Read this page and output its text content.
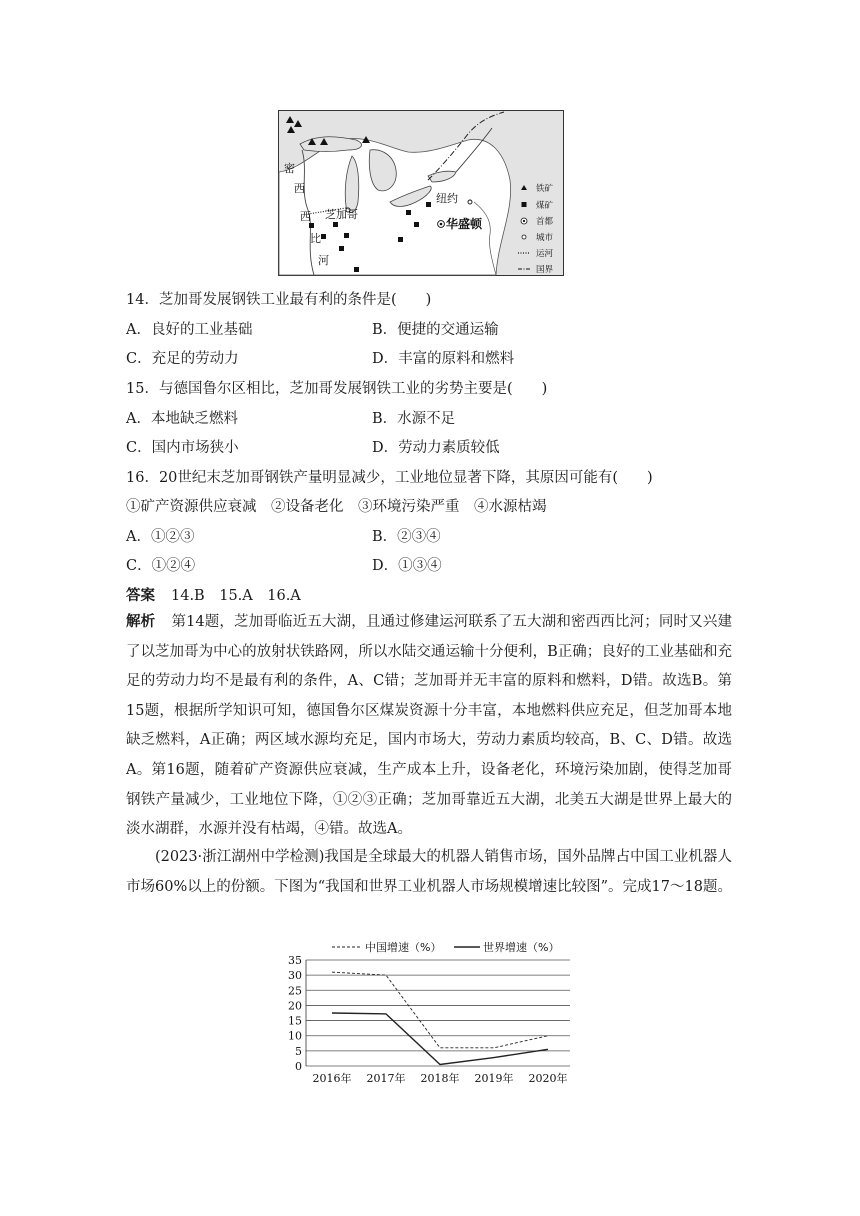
密
西
西
比
河
芝加哥
纽约
华盛顿
铁矿
煤矿
首都
城市
运河
国界
14．芝加哥发展钢铁工业最有利的条件是(　　)
A．良好的工业基础	B．便捷的交通运输
C．充足的劳动力	D．丰富的原料和燃料
15．与德国鲁尔区相比，芝加哥发展钢铁工业的劣势主要是(　　)
A．本地缺乏燃料	B．水源不足
C．国内市场狭小	D．劳动力素质较低
16．20世纪末芝加哥钢铁产量明显减少，工业地位显著下降，其原因可能有(　　)
①矿产资源供应衰减　②设备老化　③环境污染严重　④水源枯竭
A．①②③	B．②③④
C．①②④	D．①③④
答案 14.B　15.A　16.A

解析 第14题，芝加哥临近五大湖，且通过修建运河联系了五大湖和密西西比河；同时又兴建了以芝加哥为中心的放射状铁路网，所以水陆交通运输十分便利，B正确；良好的工业基础和充足的劳动力均不是最有利的条件，A、C错；芝加哥并无丰富的原料和燃料，D错。故选B。第15题，根据所学知识可知，德国鲁尔区煤炭资源十分丰富，本地燃料供应充足，但芝加哥本地缺乏燃料，A正确；两区域水源均充足，国内市场大，劳动力素质均较高，B、C、D错。故选A。第16题，随着矿产资源供应衰减，生产成本上升，设备老化，环境污染加剧，使得芝加哥钢铁产量减少，工业地位下降，①②③正确；芝加哥靠近五大湖，北美五大湖是世界上最大的淡水湖群，水源并没有枯竭，④错。故选A。

(2023·浙江湖州中学检测)我国是全球最大的机器人销售市场，国外品牌占中国工业机器人市场60%以上的份额。下图为“我国和世界工业机器人市场规模增速比较图”。完成17～18题。

0
5
10
15
20
25
30
35
2016年 2017年 2018年 2019年 2020年
中国增速（%）	世界增速（%）
